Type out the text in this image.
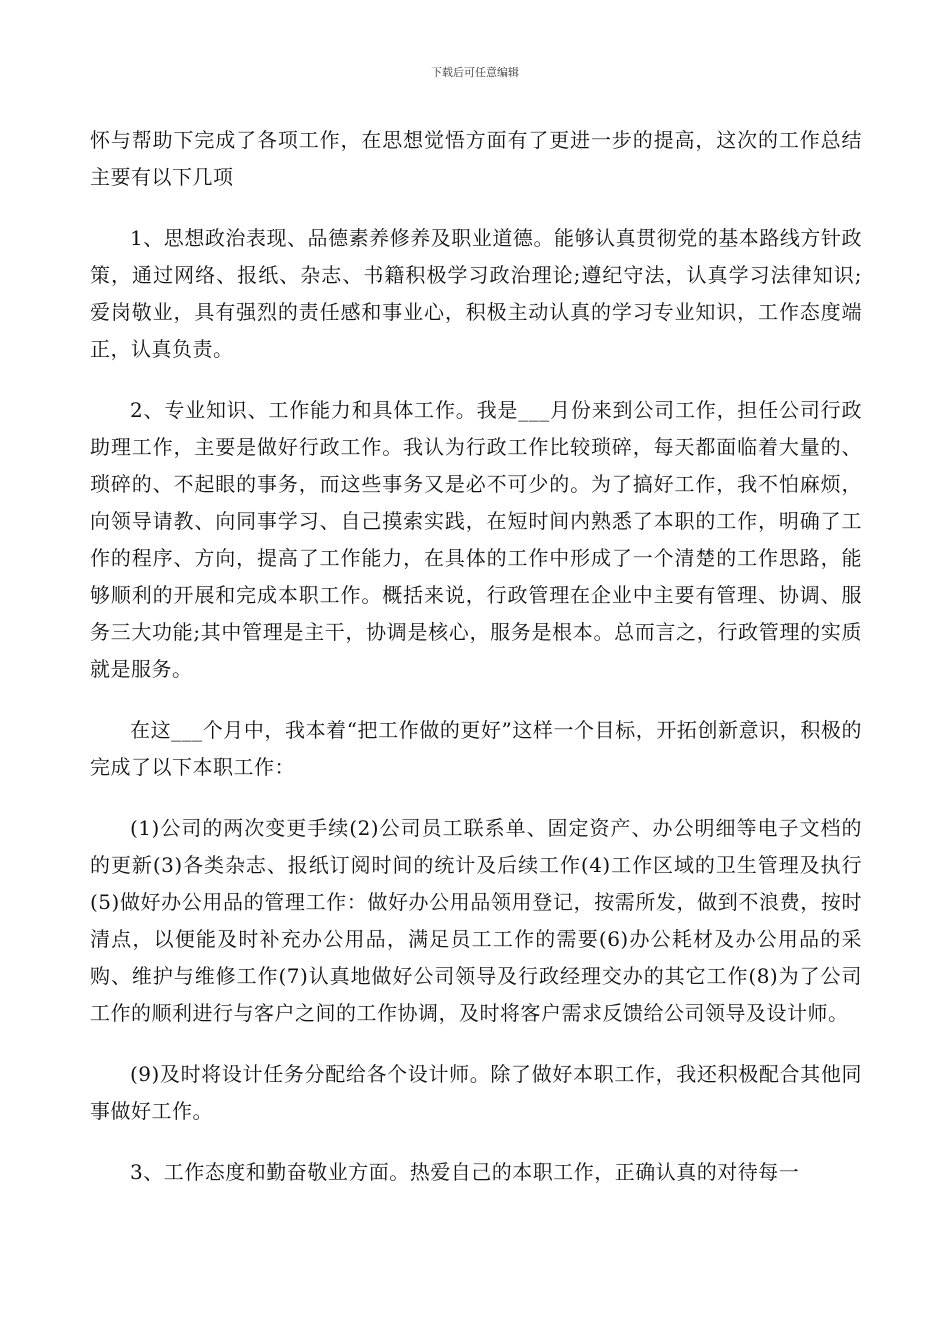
下载后可任意编辑

怀与帮助下完成了各项工作，在思想觉悟方面有了更进一步的提高，这次的工作总结主要有以下几项

1、思想政治表现、品德素养修养及职业道德。能够认真贯彻党的基本路线方针政策，通过网络、报纸、杂志、书籍积极学习政治理论;遵纪守法，认真学习法律知识;爱岗敬业，具有强烈的责任感和事业心，积极主动认真的学习专业知识，工作态度端正，认真负责。

2、专业知识、工作能力和具体工作。我是___月份来到公司工作，担任公司行政助理工作，主要是做好行政工作。我认为行政工作比较琐碎，每天都面临着大量的、琐碎的、不起眼的事务，而这些事务又是必不可少的。为了搞好工作，我不怕麻烦，向领导请教、向同事学习、自己摸索实践，在短时间内熟悉了本职的工作，明确了工作的程序、方向，提高了工作能力，在具体的工作中形成了一个清楚的工作思路，能够顺利的开展和完成本职工作。概括来说，行政管理在企业中主要有管理、协调、服务三大功能;其中管理是主干，协调是核心，服务是根本。总而言之，行政管理的实质就是服务。

在这___个月中，我本着“把工作做的更好”这样一个目标，开拓创新意识，积极的完成了以下本职工作：

(1)公司的两次变更手续(2)公司员工联系单、固定资产、办公明细等电子文档的的更新(3)各类杂志、报纸订阅时间的统计及后续工作(4)工作区域的卫生管理及执行(5)做好办公用品的管理工作：做好办公用品领用登记，按需所发，做到不浪费，按时清点，以便能及时补充办公用品，满足员工工作的需要(6)办公耗材及办公用品的采购、维护与维修工作(7)认真地做好公司领导及行政经理交办的其它工作(8)为了公司工作的顺利进行与客户之间的工作协调，及时将客户需求反馈给公司领导及设计师。

(9)及时将设计任务分配给各个设计师。除了做好本职工作，我还积极配合其他同事做好工作。

3、工作态度和勤奋敬业方面。热爱自己的本职工作，正确认真的对待每一
